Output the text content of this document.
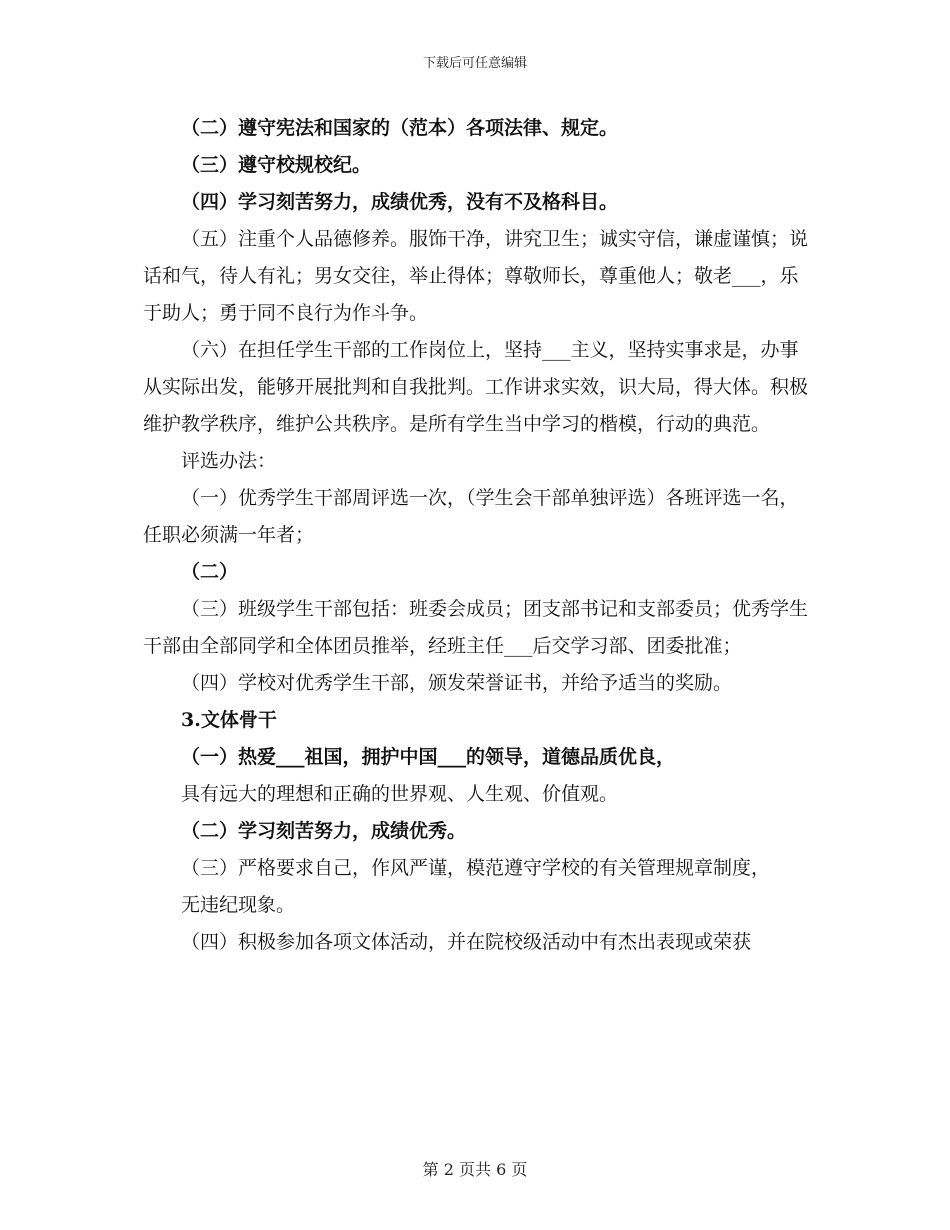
下载后可任意编辑

（二）遵守宪法和国家的（范本）各项法律、规定。

（三）遵守校规校纪。

（四）学习刻苦努力，成绩优秀，没有不及格科目。

（五）注重个人品德修养。服饰干净，讲究卫生；诚实守信，谦虚谨慎；说话和气，待人有礼；男女交往，举止得体；尊敬师长，尊重他人；敬老___，乐于助人；勇于同不良行为作斗争。

（六）在担任学生干部的工作岗位上，坚持___主义，坚持实事求是，办事从实际出发，能够开展批判和自我批判。工作讲求实效，识大局，得大体。积极维护教学秩序，维护公共秩序。是所有学生当中学习的楷模，行动的典范。

评选办法：

（一）优秀学生干部周评选一次，（学生会干部单独评选）各班评选一名，任职必须满一年者；

（二）

（三）班级学生干部包括：班委会成员；团支部书记和支部委员；优秀学生干部由全部同学和全体团员推举，经班主任___后交学习部、团委批准；

（四）学校对优秀学生干部，颁发荣誉证书，并给予适当的奖励。

3.文体骨干

（一）热爱___祖国，拥护中国___的领导，道德品质优良，

具有远大的理想和正确的世界观、人生观、价值观。

（二）学习刻苦努力，成绩优秀。

（三）严格要求自己，作风严谨，模范遵守学校的有关管理规章制度，

无违纪现象。

（四）积极参加各项文体活动，并在院校级活动中有杰出表现或荣获

第 2 页共 6 页
